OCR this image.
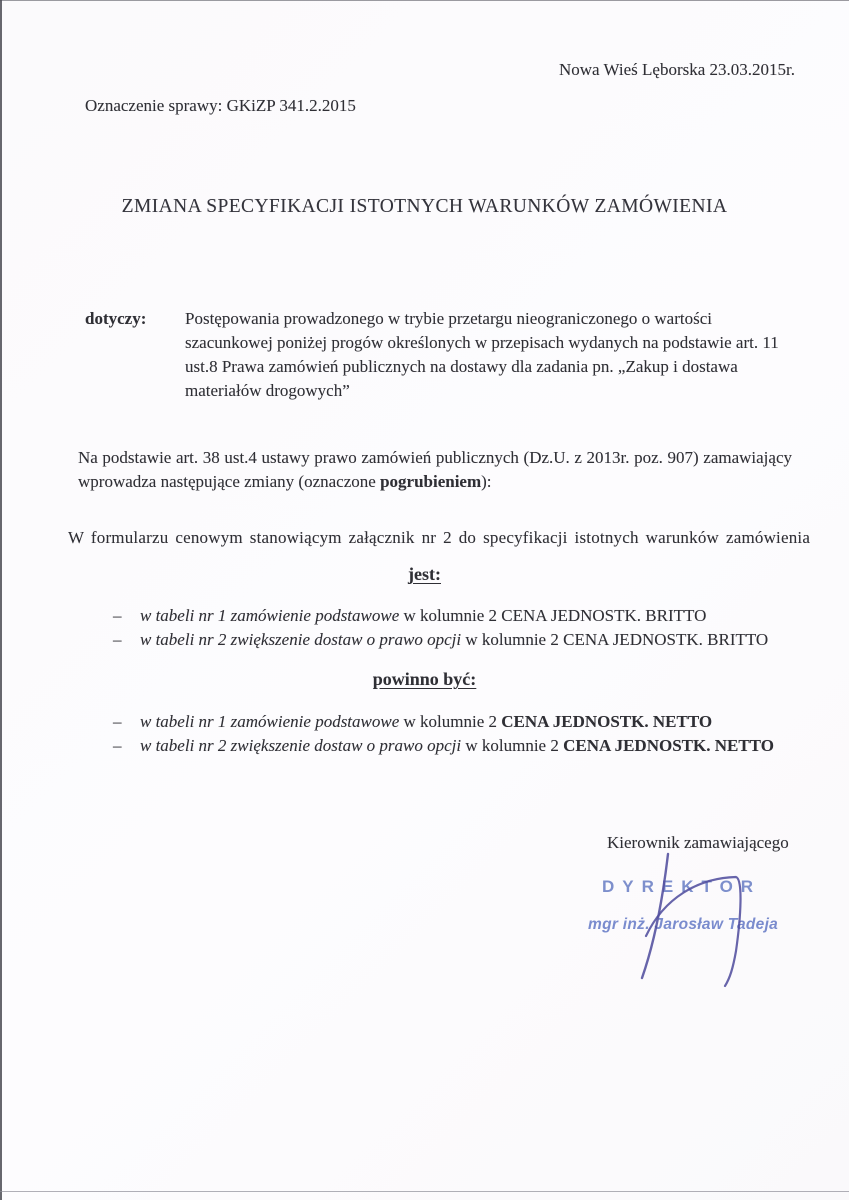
Nowa Wieś Lęborska 23.03.2015r.
Oznaczenie sprawy: GKiZP 341.2.2015
ZMIANA SPECYFIKACJI ISTOTNYCH WARUNKÓW ZAMÓWIENIA
dotyczy:	Postępowania prowadzonego w trybie przetargu nieograniczonego o wartości szacunkowej poniżej progów określonych w przepisach wydanych na podstawie art. 11 ust.8 Prawa zamówień publicznych na dostawy dla zadania pn. „Zakup i dostawa materiałów drogowych”
Na podstawie art. 38 ust.4 ustawy prawo zamówień publicznych (Dz.U. z 2013r. poz. 907) zamawiający wprowadza następujące zmiany (oznaczone pogrubieniem):
W formularzu cenowym stanowiącym załącznik nr 2 do specyfikacji istotnych warunków zamówienia
jest:
– w tabeli nr 1 zamówienie podstawowe w kolumnie 2 CENA JEDNOSTK. BRITTO
– w tabeli nr 2 zwiększenie dostaw o prawo opcji w kolumnie 2 CENA JEDNOSTK. BRITTO
powinno być:
– w tabeli nr 1 zamówienie podstawowe w kolumnie 2 CENA JEDNOSTK. NETTO
– w tabeli nr 2 zwiększenie dostaw o prawo opcji w kolumnie 2 CENA JEDNOSTK. NETTO
Kierownik zamawiającego
DYREKTOR
mgr inż. Jarosław Tadeja
